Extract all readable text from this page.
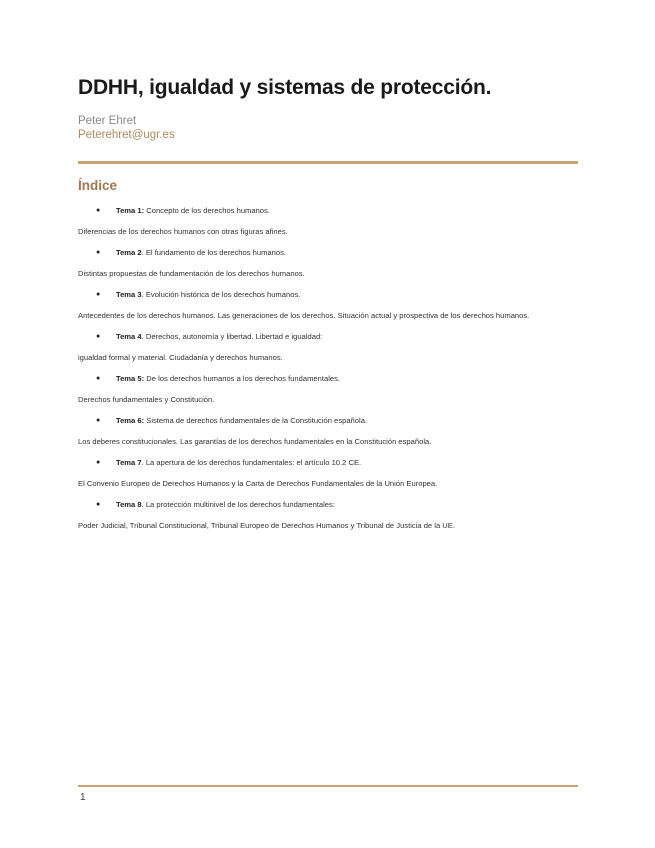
DDHH, igualdad y sistemas de protección.
Peter Ehret
Peterehret@ugr.es
Índice
● Tema 1: Concepto de los derechos humanos.

Diferencias de los derechos humanos con otras figuras afines.

● Tema 2. El fundamento de los derechos humanos.

Distintas propuestas de fundamentación de los derechos humanos.

● Tema 3. Evolución histórica de los derechos humanos.

Antecedentes de los derechos humanos. Las generaciones de los derechos. Situación actual y prospectiva de los derechos humanos.

● Tema 4. Derechos, autonomía y libertad. Libertad e igualdad:

igualdad formal y material. Ciudadanía y derechos humanos.

● Tema 5: De los derechos humanos a los derechos fundamentales.

Derechos fundamentales y Constitución.

● Tema 6: Sistema de derechos fundamentales de la Constitución española.

Los deberes constitucionales. Las garantías de los derechos fundamentales en la Constitución española.

● Tema 7. La apertura de los derechos fundamentales: el artículo 10.2 CE.

El Convenio Europeo de Derechos Humanos y la Carta de Derechos Fundamentales de la Unión Europea.

● Tema 8. La protección multinivel de los derechos fundamentales:

Poder Judicial, Tribunal Constitucional, Tribunal Europeo de Derechos Humanos y Tribunal de Justicia de la UE.

1
